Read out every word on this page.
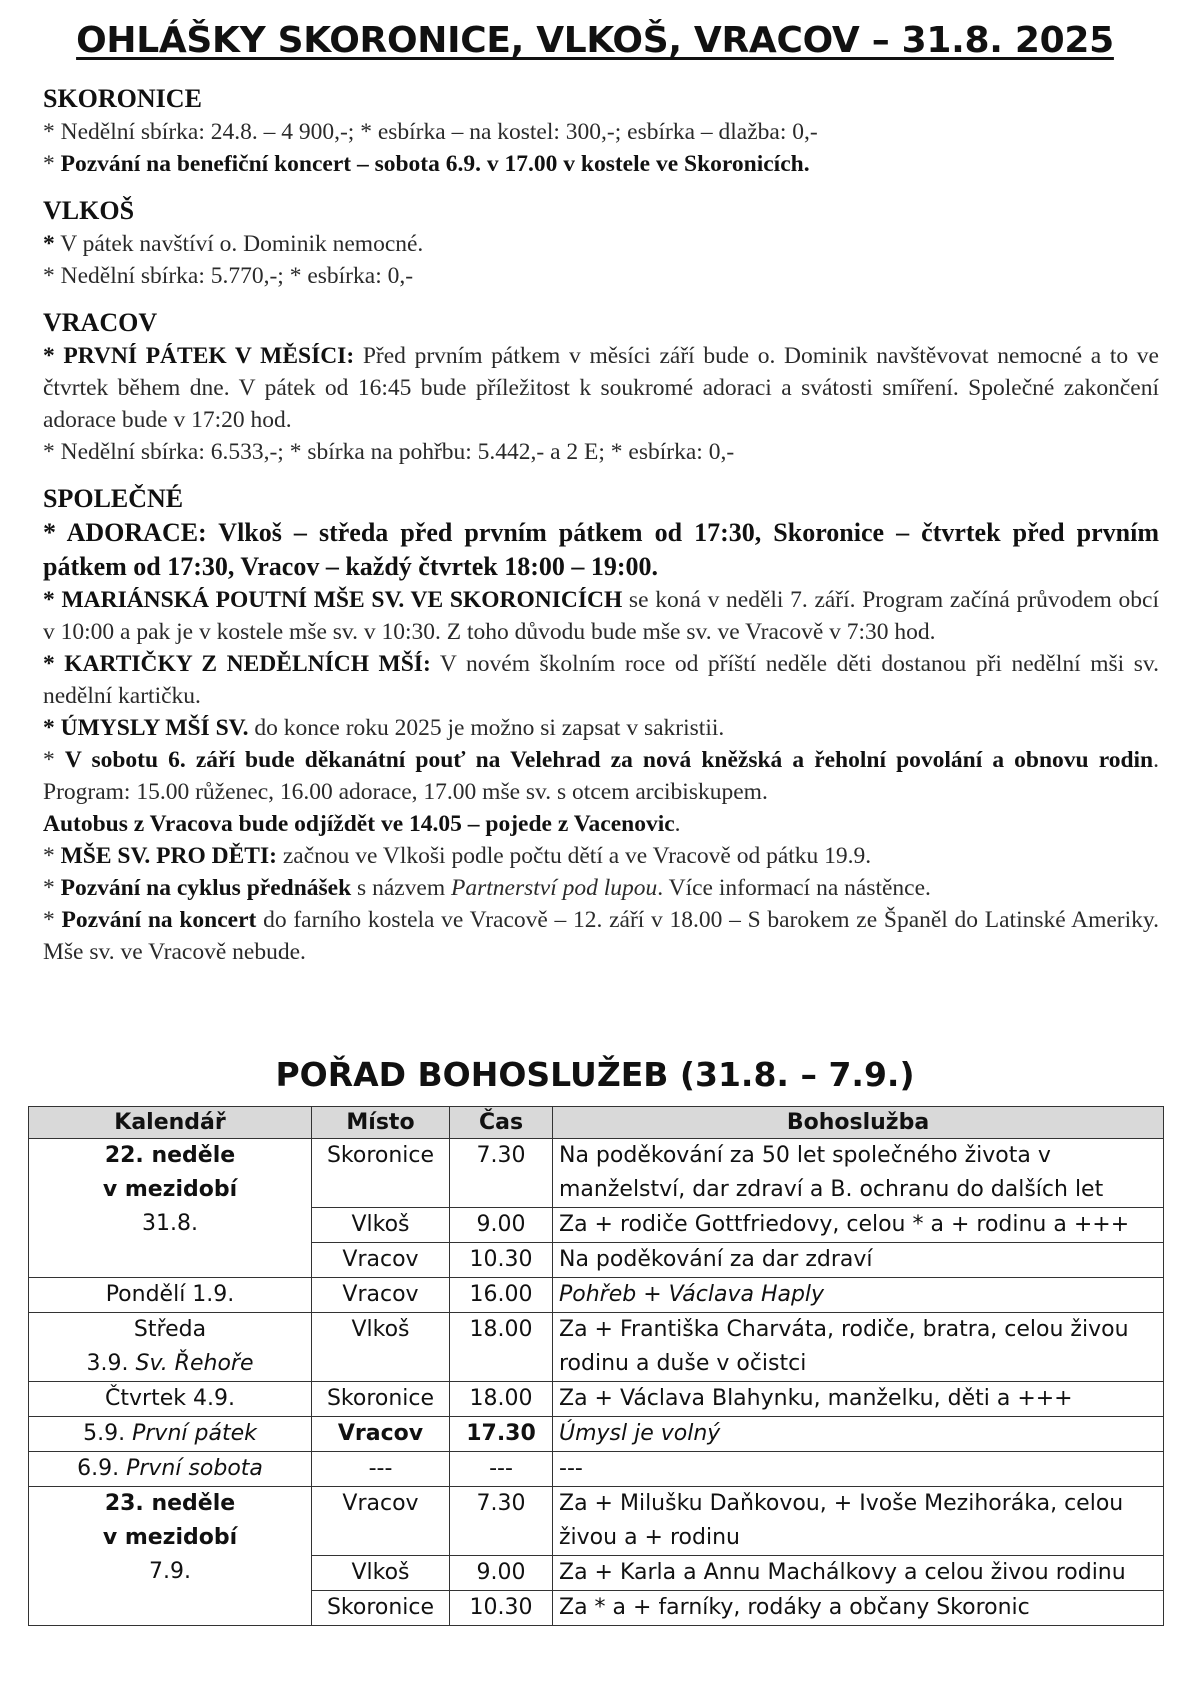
OHLÁŠKY SKORONICE, VLKOŠ, VRACOV – 31.8. 2025
SKORONICE
* Nedělní sbírka: 24.8. – 4 900,-; * esbírka – na kostel: 300,-; esbírka – dlažba: 0,-
* Pozvání na benefiční koncert – sobota 6.9. v 17.00 v kostele ve Skoronicích.
VLKOŠ
* V pátek navštíví o. Dominik nemocné.
* Nedělní sbírka: 5.770,-; * esbírka: 0,-
VRACOV
* PRVNÍ PÁTEK V MĚSÍCI: Před prvním pátkem v měsíci září bude o. Dominik navštěvovat nemocné a to ve čtvrtek během dne. V pátek od 16:45 bude příležitost k soukromé adoraci a svátosti smíření. Společné zakončení adorace bude v 17:20 hod.
* Nedělní sbírka: 6.533,-; * sbírka na pohřbu: 5.442,- a 2 E; * esbírka: 0,-
SPOLEČNÉ
* ADORACE: Vlkoš – středa před prvním pátkem od 17:30, Skoronice – čtvrtek před prvním pátkem od 17:30, Vracov – každý čtvrtek 18:00 – 19:00.
* MARIÁNSKÁ POUTNÍ MŠE SV. VE SKORONICÍCH se koná v neděli 7. září. Program začíná průvodem obcí v 10:00 a pak je v kostele mše sv. v 10:30. Z toho důvodu bude mše sv. ve Vracově v 7:30 hod.
* KARTIČKY Z NEDĚLNÍCH MŠÍ: V novém školním roce od příští neděle děti dostanou při nedělní mši sv. nedělní kartičku.
* ÚMYSLY MŠÍ SV. do konce roku 2025 je možno si zapsat v sakristii.
* V sobotu 6. září bude děkanátní pouť na Velehrad za nová kněžská a řeholní povolání a obnovu rodin. Program: 15.00 růženec, 16.00 adorace, 17.00 mše sv. s otcem arcibiskupem.
Autobus z Vracova bude odjíždět ve 14.05 – pojede z Vacenovic.
* MŠE SV. PRO DĚTI: začnou ve Vlkoši podle počtu dětí a ve Vracově od pátku 19.9.
* Pozvání na cyklus přednášek s názvem Partnerství pod lupou. Více informací na nástěnce.
* Pozvání na koncert do farního kostela ve Vracově – 12. září v 18.00 – S barokem ze Španěl do Latinské Ameriky. Mše sv. ve Vracově nebude.
POŘAD BOHOSLUŽEB (31.8. – 7.9.)
Kalendář	Místo	Čas	Bohoslužba

22. neděle
v mezidobí
31.8.	Skoronice	7.30	Na poděkování za 50 let společného života v manželství, dar zdraví a B. ochranu do dalších let
	Vlkoš	9.00	Za + rodiče Gottfriedovy, celou * a + rodinu a +++
	Vracov	10.30	Na poděkování za dar zdraví
Pondělí 1.9.	Vracov	16.00	Pohřeb + Václava Haply

Středa
3.9. Sv. Řehoře	Vlkoš	18.00	Za + Františka Charváta, rodiče, bratra, celou živou rodinu a duše v očistci
Čtvrtek 4.9.	Skoronice	18.00	Za + Václava Blahynku, manželku, děti a +++
5.9. První pátek	Vracov	17.30	Úmysl je volný
6.9. První sobota	---	---	---

23. neděle
v mezidobí
7.9.	Vracov	7.30	Za + Milušku Daňkovou, + Ivoše Mezihoráka, celou živou a + rodinu
	Vlkoš	9.00	Za + Karla a Annu Machálkovy a celou živou rodinu
	Skoronice	10.30	Za * a + farníky, rodáky a občany Skoronic
